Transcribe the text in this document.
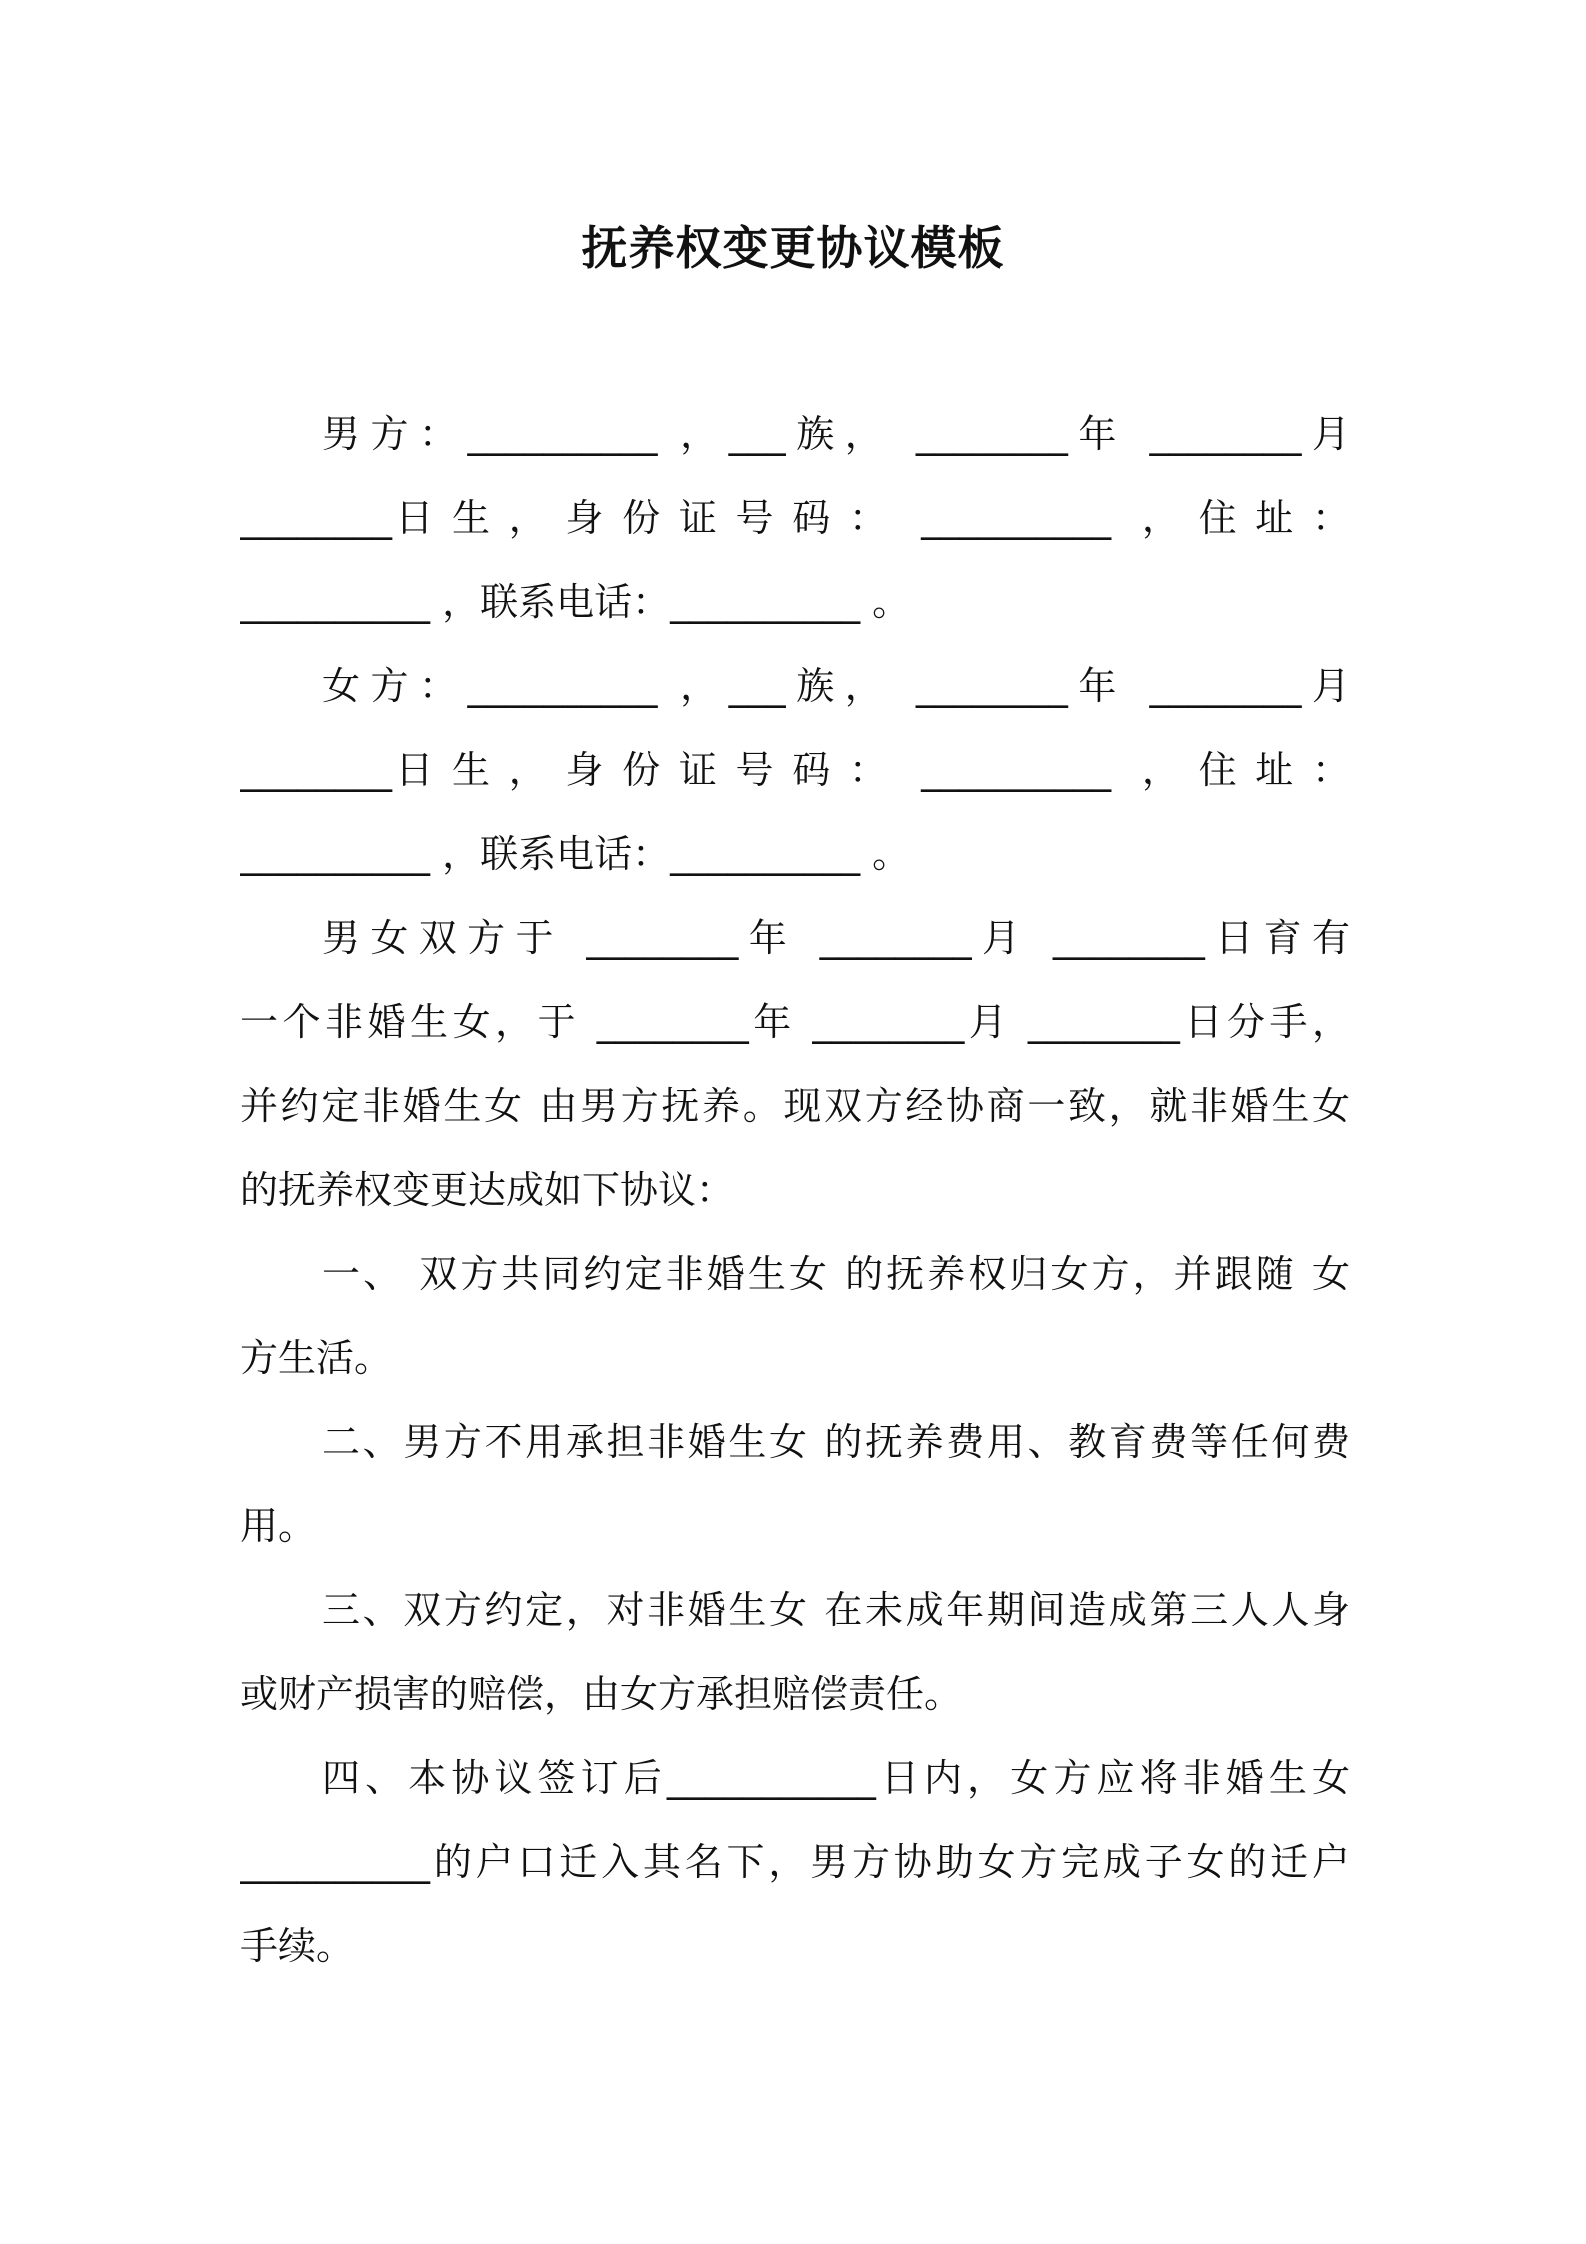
抚养权变更协议模板
男方：__________ ，___族， ________年 ________月
________日 生 ， 身 份 证 号 码 ：  __________  ， 住 址 ：
__________ ，联系电话：__________ 。
女方：__________ ，___族， ________年 ________月
________日 生 ， 身 份 证 号 码 ：  __________  ， 住 址 ：
__________ ，联系电话：__________ 。
男女双方于 ________年 ________月 ________日育有
一个非婚生女，于 ________年 ________月 ________日分手，
并约定非婚生女 由男方抚养。现双方经协商一致，就非婚生女
的抚养权变更达成如下协议：
一、 双方共同约定非婚生女 的抚养权归女方，并跟随 女
方生活。
二、男方不用承担非婚生女 的抚养费用、教育费等任何费
用。
三、双方约定，对非婚生女 在未成年期间造成第三人人身
或财产损害的赔偿，由女方承担赔偿责任。
四、本协议签订后___________日内，女方应将非婚生女
__________的户口迁入其名下，男方协助女方完成子女的迁户
手续。
